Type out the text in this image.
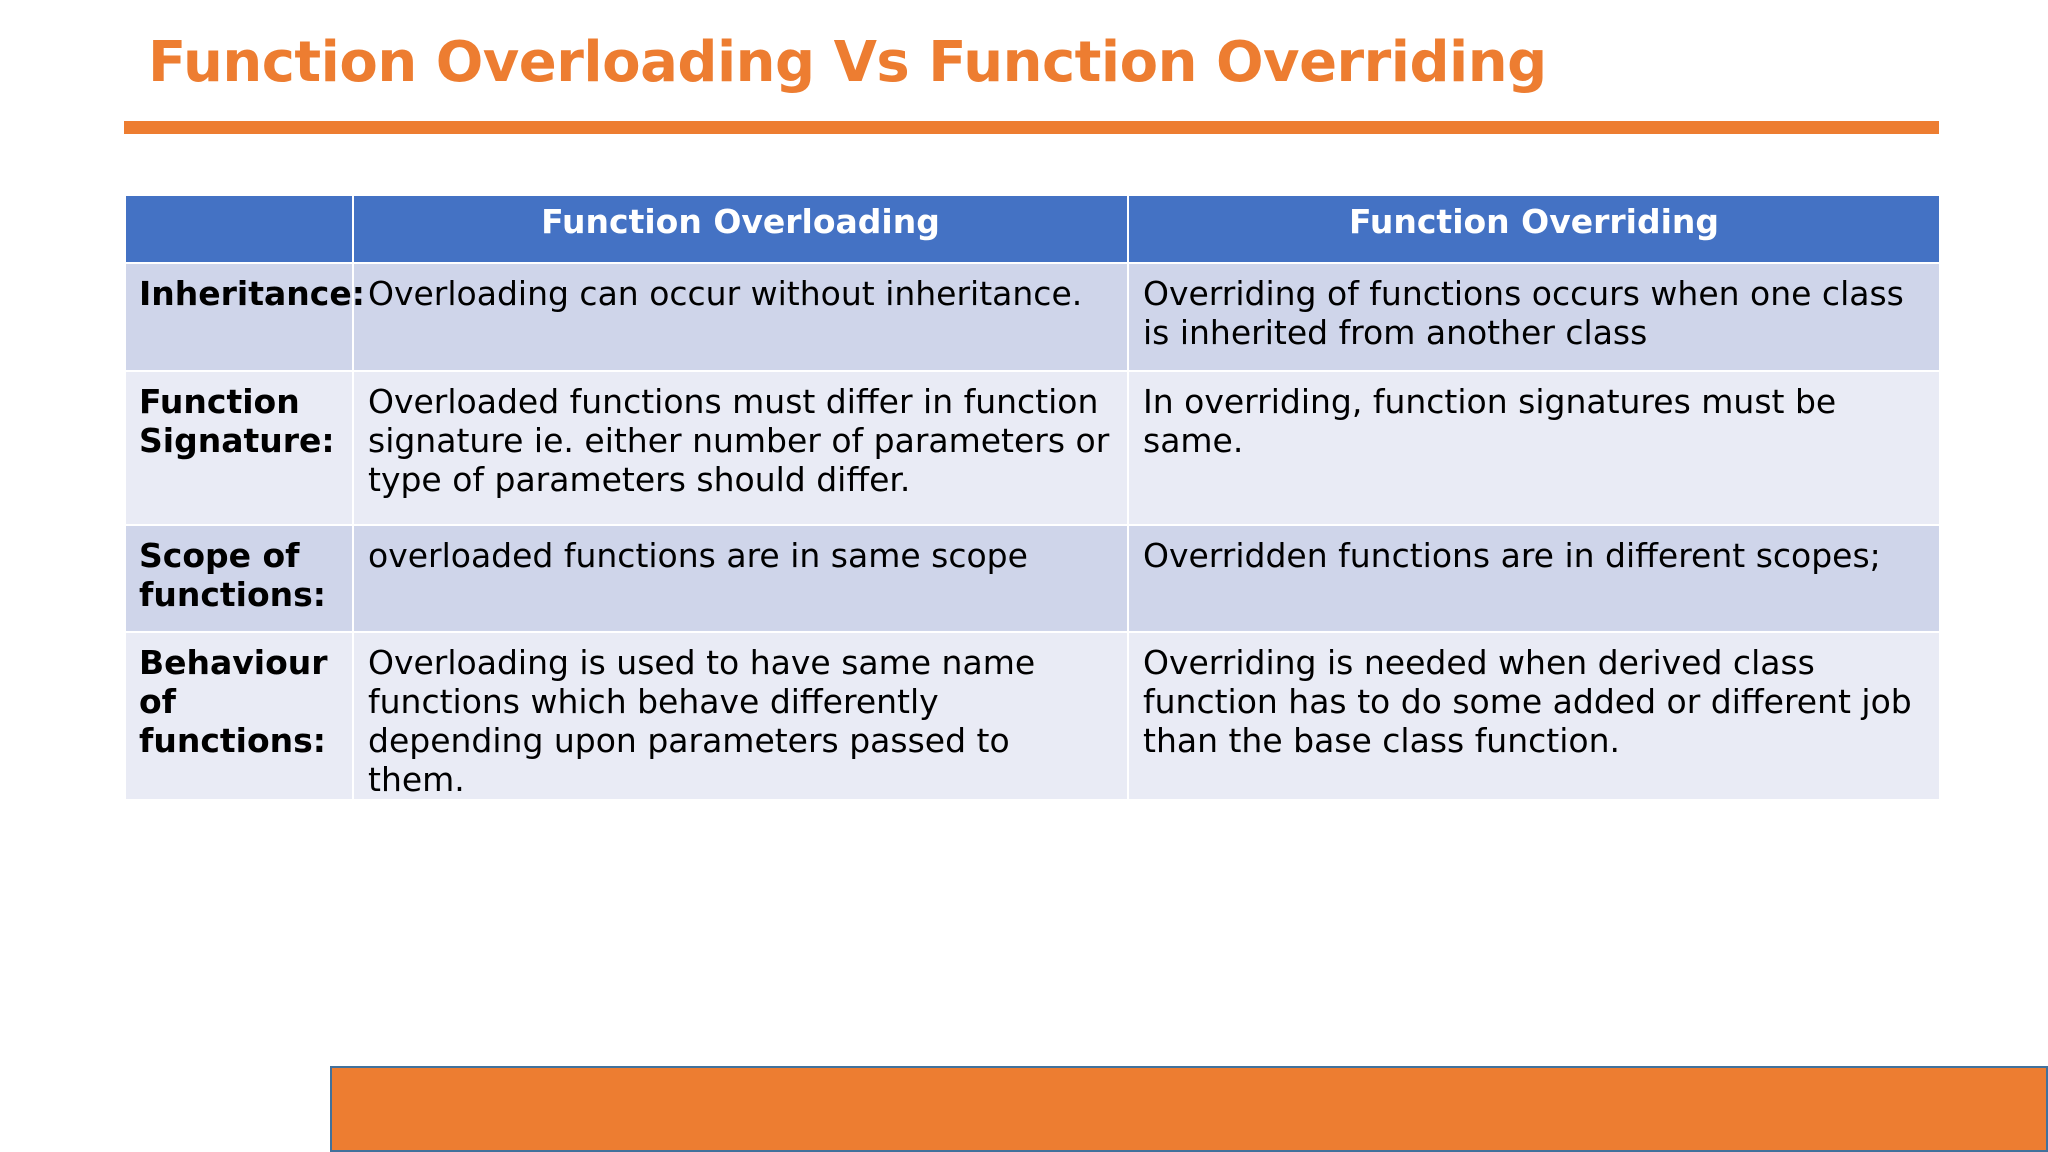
Function Overloading Vs Function Overriding
	Function Overloading	Function Overriding
Inheritance:	Overloading can occur without inheritance.	Overriding of functions occurs when one class is inherited from another class
Function Signature:	Overloaded functions must differ in function signature ie. either number of parameters or type of parameters should differ.	In overriding, function signatures must be same.
Scope of functions:	overloaded functions are in same scope	Overridden functions are in different scopes;
Behaviour of functions:	Overloading is used to have same name functions which behave differently depending upon parameters passed to them.	Overriding is needed when derived class function has to do some added or different job than the base class function.
